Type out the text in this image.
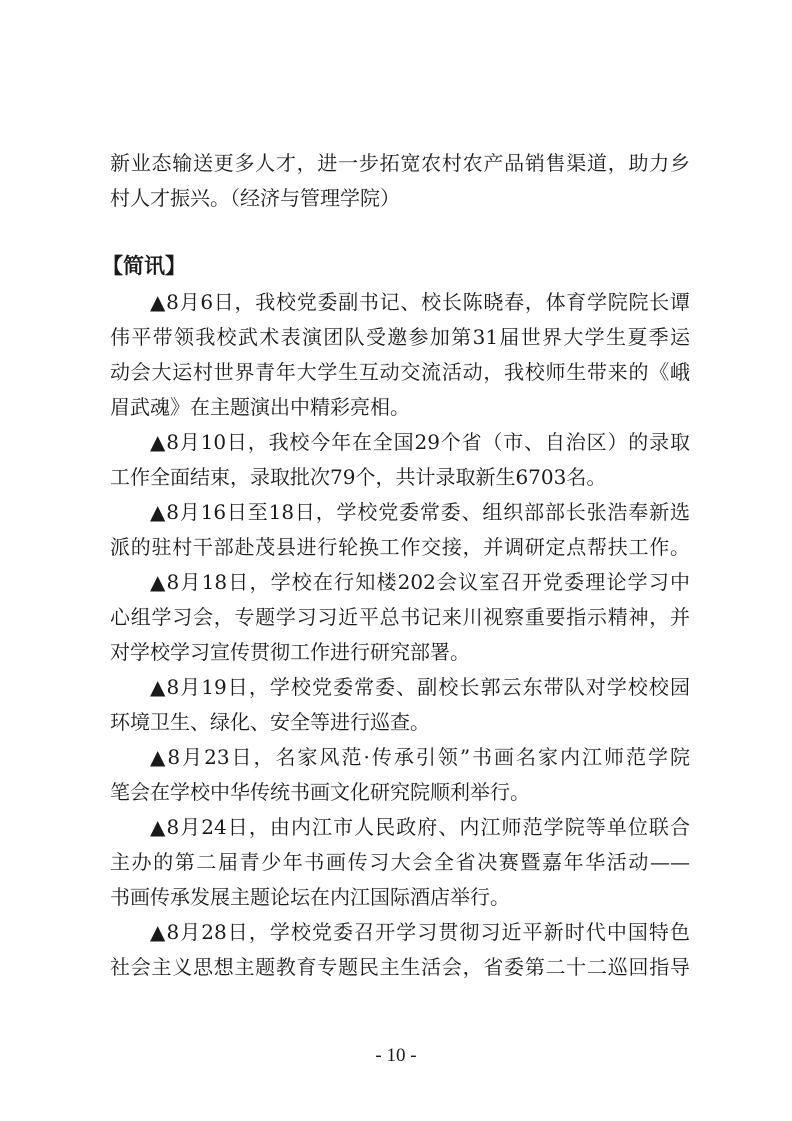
新业态输送更多人才，进一步拓宽农村农产品销售渠道，助力乡
村人才振兴。（经济与管理学院）
【简讯】
▲8月6日，我校党委副书记、校长陈晓春，体育学院院长谭
伟平带领我校武术表演团队受邀参加第31届世界大学生夏季运
动会大运村世界青年大学生互动交流活动，我校师生带来的《峨
眉武魂》在主题演出中精彩亮相。
▲8月10日，我校今年在全国29个省（市、自治区）的录取
工作全面结束，录取批次79个，共计录取新生6703名。
▲8月16日至18日，学校党委常委、组织部部长张浩奉新选
派的驻村干部赴茂县进行轮换工作交接，并调研定点帮扶工作。
▲8月18日，学校在行知楼202会议室召开党委理论学习中
心组学习会，专题学习习近平总书记来川视察重要指示精神，并
对学校学习宣传贯彻工作进行研究部署。
▲8月19日，学校党委常委、副校长郭云东带队对学校校园
环境卫生、绿化、安全等进行巡查。
▲8月23日，名家风范·传承引领”书画名家内江师范学院
笔会在学校中华传统书画文化研究院顺利举行。
▲8月24日，由内江市人民政府、内江师范学院等单位联合
主办的第二届青少年书画传习大会全省决赛暨嘉年华活动——
书画传承发展主题论坛在内江国际酒店举行。
▲8月28日，学校党委召开学习贯彻习近平新时代中国特色
社会主义思想主题教育专题民主生活会，省委第二十二巡回指导
- 10 -
